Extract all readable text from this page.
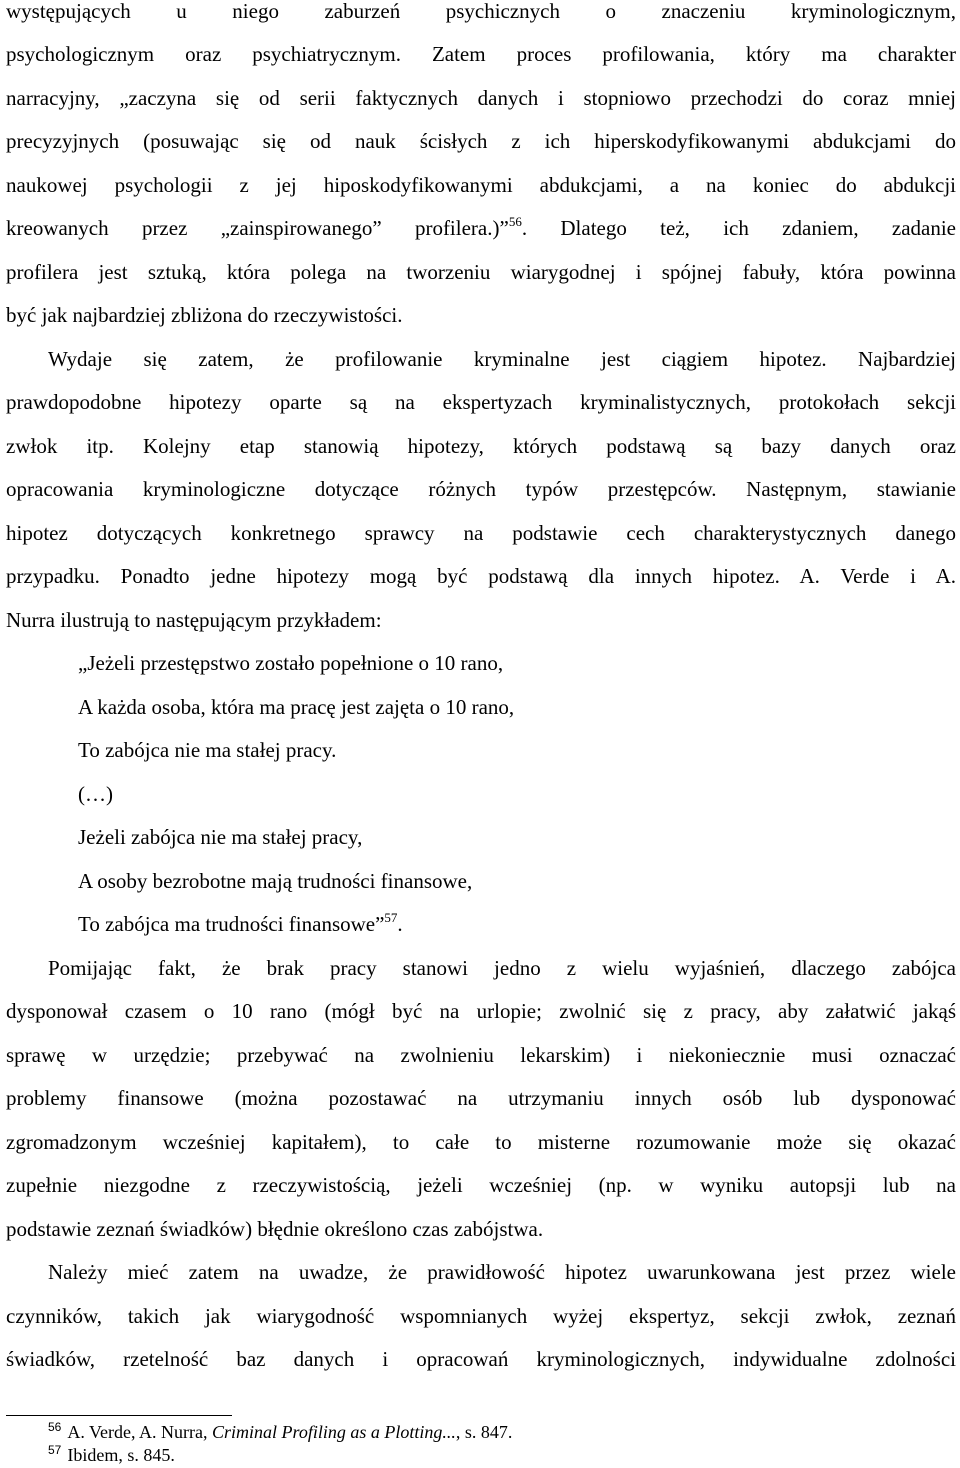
występujących u niego zaburzeń psychicznych o znaczeniu kryminologicznym,

psychologicznym oraz psychiatrycznym. Zatem proces profilowania, który ma charakter

narracyjny, „zaczyna się od serii faktycznych danych i stopniowo przechodzi do coraz mniej

precyzyjnych (posuwając się od nauk ścisłych z ich hiperskodyfikowanymi abdukcjami do

naukowej psychologii z jej hiposkodyfikowanymi abdukcjami, a na koniec do abdukcji

kreowanych przez „zainspirowanego” profilera.)”$^{56}$. Dlatego też, ich zdaniem, zadanie

profilera jest sztuką, która polega na tworzeniu wiarygodnej i spójnej fabuły, która powinna

być jak najbardziej zbliżona do rzeczywistości.

Wydaje się zatem, że profilowanie kryminalne jest ciągiem hipotez. Najbardziej

prawdopodobne hipotezy oparte są na ekspertyzach kryminalistycznych, protokołach sekcji

zwłok itp. Kolejny etap stanowią hipotezy, których podstawą są bazy danych oraz

opracowania kryminologiczne dotyczące różnych typów przestępców. Następnym, stawianie

hipotez dotyczących konkretnego sprawcy na podstawie cech charakterystycznych danego

przypadku. Ponadto jedne hipotezy mogą być podstawą dla innych hipotez. A. Verde i A.

Nurra ilustrują to następującym przykładem:

„Jeżeli przestępstwo zostało popełnione o 10 rano,

A każda osoba, która ma pracę jest zajęta o 10 rano,

To zabójca nie ma stałej pracy.

(…)

Jeżeli zabójca nie ma stałej pracy,

A osoby bezrobotne mają trudności finansowe,

To zabójca ma trudności finansowe”$^{57}$.

Pomijając fakt, że brak pracy stanowi jedno z wielu wyjaśnień, dlaczego zabójca

dysponował czasem o 10 rano (mógł być na urlopie; zwolnić się z pracy, aby załatwić jakąś

sprawę w urzędzie; przebywać na zwolnieniu lekarskim) i niekoniecznie musi oznaczać

problemy finansowe (można pozostawać na utrzymaniu innych osób lub dysponować

zgromadzonym wcześniej kapitałem), to całe to misterne rozumowanie może się okazać

zupełnie niezgodne z rzeczywistością, jeżeli wcześniej (np. w wyniku autopsji lub na

podstawie zeznań świadków) błędnie określono czas zabójstwa.

Należy mieć zatem na uwadze, że prawidłowość hipotez uwarunkowana jest przez wiele

czynników, takich jak wiarygodność wspomnianych wyżej ekspertyz, sekcji zwłok, zeznań

świadków, rzetelność baz danych i opracowań kryminologicznych, indywidualne zdolności

$^{56}$ A. Verde, A. Nurra, Criminal Profiling as a Plotting..., s. 847.

$^{57}$ Ibidem, s. 845.
